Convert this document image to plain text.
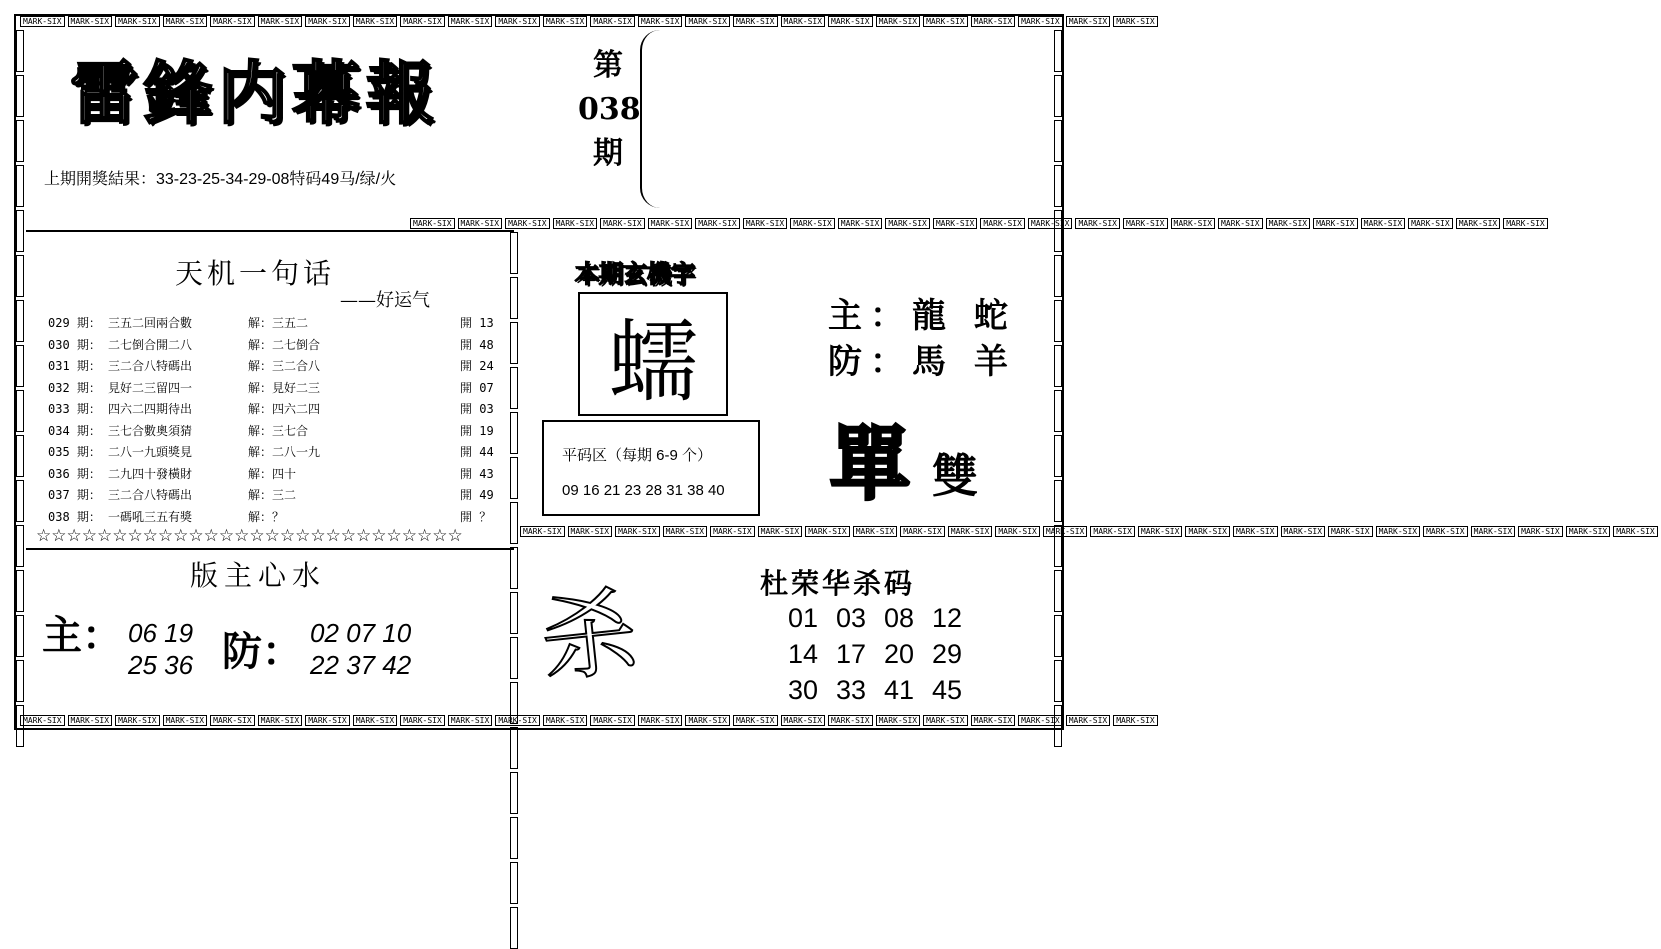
MARK-SIX MARK-SIX MARK-SIX MARK-SIX MARK-SIX MARK-SIX MARK-SIX MARK-SIX MARK-SIX MARK-SIX MARK-SIX MARK-SIX MARK-SIX MARK-SIX MARK-SIX MARK-SIX MARK-SIX MARK-SIX MARK-SIX MARK-SIX MARK-SIX MARK-SIX MARK-SIX MARK-SIX
MARK-SIX MARK-SIX MARK-SIX MARK-SIX MARK-SIX MARK-SIX MARK-SIX MARK-SIX MARK-SIX MARK-SIX MARK-SIX MARK-SIX MARK-SIX MARK-SIX MARK-SIX MARK-SIX MARK-SIX MARK-SIX MARK-SIX MARK-SIX MARK-SIX MARK-SIX MARK-SIX MARK-SIX
MARK-SIX MARK-SIX MARK-SIX MARK-SIX MARK-SIX MARK-SIX MARK-SIX MARK-SIX MARK-SIX MARK-SIX MARK-SIX MARK-SIX MARK-SIX MARK-SIX MARK-SIX MARK-SIX MARK-SIX MARK-SIX MARK-SIX MARK-SIX MARK-SIX MARK-SIX MARK-SIX MARK-SIX
MARK-SIX MARK-SIX MARK-SIX MARK-SIX MARK-SIX MARK-SIX MARK-SIX MARK-SIX MARK-SIX MARK-SIX MARK-SIX MARK-SIX MARK-SIX MARK-SIX MARK-SIX MARK-SIX MARK-SIX MARK-SIX MARK-SIX MARK-SIX MARK-SIX MARK-SIX MARK-SIX MARK-SIX
雷鋒内幕報	第
038
期
上期開獎結果：33-23-25-34-29-08特码49马/绿/火
天机一句话
——好运气
029 期： 三五二回兩合數	解：三五二	開 13
030 期： 二七倒合開二八	解：二七倒合	開 48
031 期： 三二合八特碼出	解：三二合八	開 24
032 期： 見好二三留四一	解：見好二三	開 07
033 期： 四六二四期待出	解：四六二四	開 03
034 期： 三七合數奧須猜	解：三七合	開 19
035 期： 二八一九頭獎見	解：二八一九	開 44
036 期： 二九四十發橫財	解：四十	開 43
037 期： 三二合八特碼出	解：三二	開 49
038 期： 一碼吼三五有獎	解：？	開 ？
☆☆☆☆☆☆☆☆☆☆☆☆☆☆☆☆☆☆☆☆☆☆☆☆☆☆☆☆
本期玄機字
蠕
平码区（每期 6-9 个）
09 16 21 23 28 31 38 40
主：龍 蛇
防：馬 羊
單 雙
版主心水
主： 06 19
25 36 防： 02 07 10
22 37 42 杀	杜荣华杀码
01 03 08 12
14 17 20 29
30 33 41 45
